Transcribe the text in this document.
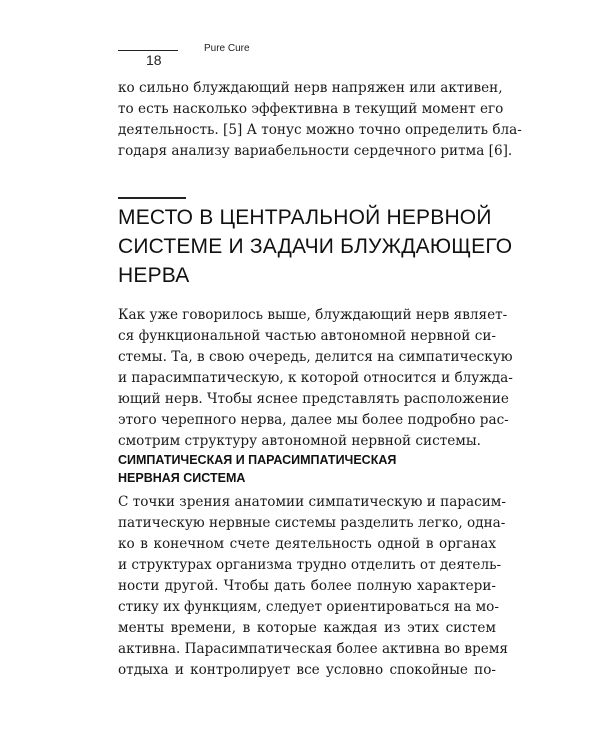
18
Pure Cure
ко сильно блуждающий нерв напряжен или активен,
то есть насколько эффективна в текущий момент его
деятельность. [5] А тонус можно точно определить бла-
годаря анализу вариабельности сердечного ритма [6].
МЕСТО В ЦЕНТРАЛЬНОЙ НЕРВНОЙ
СИСТЕМЕ И ЗАДАЧИ БЛУЖДАЮЩЕГО
НЕРВА
Как уже говорилось выше, блуждающий нерв являет-
ся функциональной частью автономной нервной си-
стемы. Та, в свою очередь, делится на симпатическую
и парасимпатическую, к которой относится и блуждa-
ющий нерв. Чтобы яснее представлять расположение
этого черепного нерва, далее мы более подробно рас-
смотрим структуру автономной нервной системы.
СИМПАТИЧЕСКАЯ И ПАРАСИМПАТИЧЕСКАЯ
НЕРВНАЯ СИСТЕМА
С точки зрения анатомии симпатическую и парасим-
патическую нервные системы разделить легко, одна-
ко в конечном счете деятельность одной в органах
и структурах организма трудно отделить от деятель-
ности другой. Чтобы дать более полную характери-
стику их функциям, следует ориентироваться на мо-
менты времени, в которые каждая из этих систем
активна. Парасимпатическая более активна во время
отдыха и контролирует все условно спокойные по-
